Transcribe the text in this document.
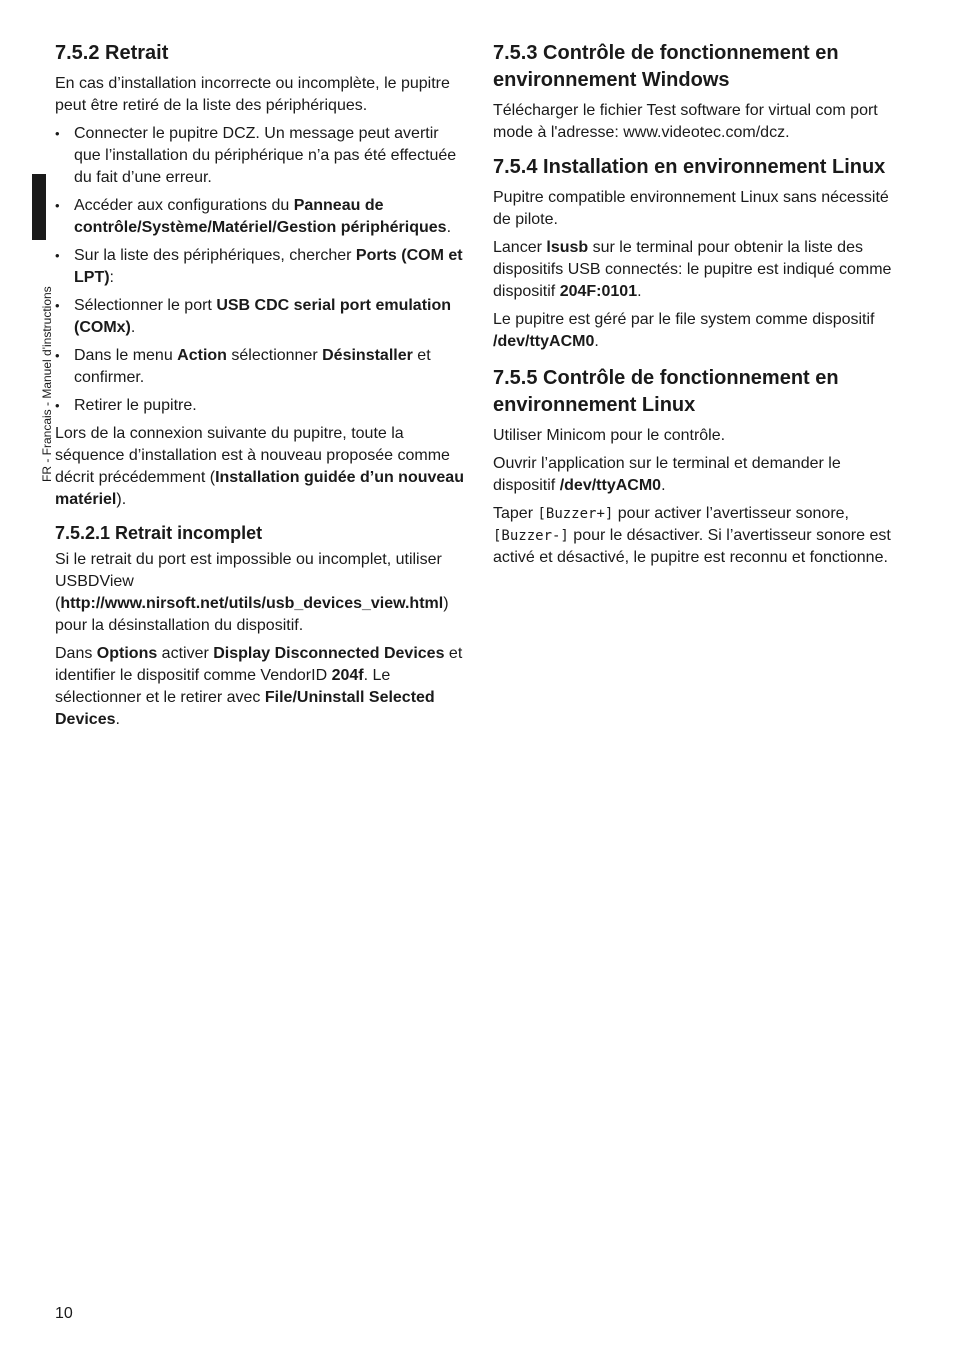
FR - Francais - Manuel d'instructions
7.5.2 Retrait

En cas d’installation incorrecte ou incomplète, le pupitre peut être retiré de la liste des périphériques.

• Connecter le pupitre DCZ. Un message peut avertir que l’installation du périphérique n’a pas été effectuée du fait d’une erreur.
• Accéder aux configurations du Panneau de contrôle/Système/Matériel/Gestion périphériques.
• Sur la liste des périphériques, chercher Ports (COM et LPT):
• Sélectionner le port USB CDC serial port emulation (COMx).
• Dans le menu Action sélectionner Désinstaller et confirmer.
• Retirer le pupitre.

Lors de la connexion suivante du pupitre, toute la séquence d’installation est à nouveau proposée comme décrit précédemment (Installation guidée d’un nouveau matériel).

7.5.2.1 Retrait incomplet

Si le retrait du port est impossible ou incomplet, utiliser USBDView (http://www.nirsoft.net/utils/usb_devices_view.html) pour la désinstallation du dispositif.

Dans Options activer Display Disconnected Devices et identifier le dispositif comme VendorID 204f. Le sélectionner et le retirer avec File/Uninstall Selected Devices.

7.5.3 Contrôle de fonctionnement en environnement Windows

Télécharger le fichier Test software for virtual com port mode à l'adresse: www.videotec.com/dcz.

7.5.4 Installation en environnement Linux

Pupitre compatible environnement Linux sans nécessité de pilote.

Lancer lsusb sur le terminal pour obtenir la liste des dispositifs USB connectés: le pupitre est indiqué comme dispositif 204F:0101.

Le pupitre est géré par le file system comme dispositif /dev/ttyACM0.

7.5.5 Contrôle de fonctionnement en environnement Linux

Utiliser Minicom pour le contrôle.

Ouvrir l’application sur le terminal et demander le dispositif /dev/ttyACM0.

Taper [Buzzer+] pour activer l’avertisseur sonore, [Buzzer-] pour le désactiver. Si l’avertisseur sonore est activé et désactivé, le pupitre est reconnu et fonctionne.

10
